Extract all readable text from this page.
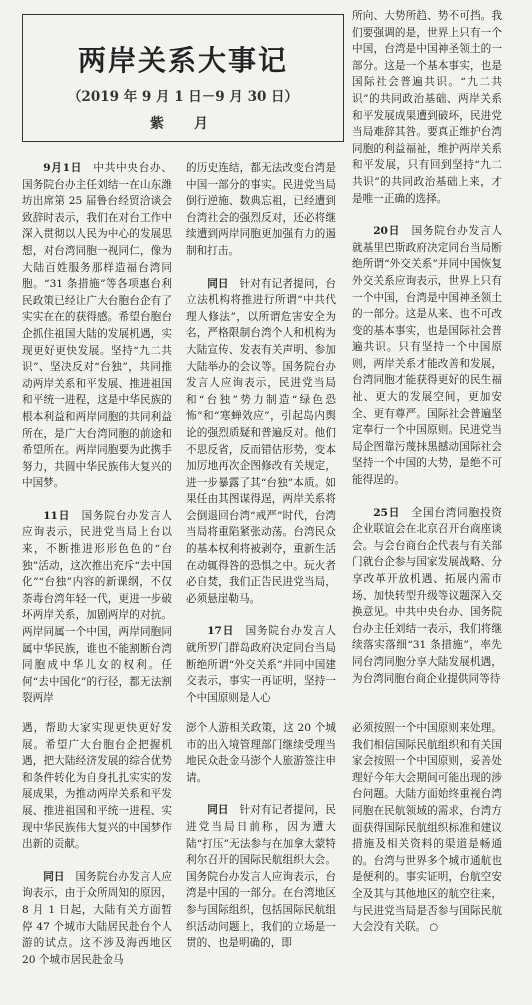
两岸关系大事记
（2019 年 9 月 1 日－9 月 30 日）
紫　月

9月1日　 中共中央台办、国务院台办主任刘结一在山东潍坊出席第 25 届鲁台经贸洽谈会致辞时表示，我们在对台工作中深入贯彻以人民为中心的发展思想，对台湾同胞一视同仁，像为大陆百姓服务那样造福台湾同胞。“31 条措施”等各项惠台利民政策已经让广大台胞台企有了实实在在的获得感。希望台胞台企抓住祖国大陆的发展机遇，实现更好更快发展。坚持“九二共识”、坚决反对“台独”，共同推动两岸关系和平发展、推进祖国和平统一进程，这是中华民族的根本利益和两岸同胞的共同利益所在，是广大台湾同胞的前途和希望所在。两岸同胞要为此携手努力，共圆中华民族伟大复兴的中国梦。

11日　 国务院台办发言人应询表示，民进党当局上台以来，不断推进形形色色的“台独”活动，这次推出充斥“去中国化”“台独”内容的新课纲，不仅荼毒台湾年轻一代，更进一步破坏两岸关系，加剧两岸的对抗。两岸同属一个中国，两岸同胞同属中华民族，谁也不能割断台湾同胞成中华儿女的权利。任何“去中国化”的行径，都无法割裂两岸

的历史连结，都无法改变台湾是中国一部分的事实。民进党当局倒行逆施、数典忘祖，已经遭到台湾社会的强烈反对，还必将继续遭到两岸同胞更加强有力的遏制和打击。

同日　 针对有记者提问，台立法机构将推进行所谓“中共代理人修法”，以所谓危害安全为名，严格限制台湾个人和机构为大陆宣传、发表有关声明、参加大陆举办的会议等。国务院台办发言人应询表示，民进党当局和“台独”势力制造“绿色恐怖”和“寒蝉效应”，引起岛内舆论的强烈质疑和普遍反对。他们不思反省，反而错估形势，变本加厉地再次企图修改有关规定，进一步暴露了其“台独”本质。如果任由其图谋得逞，两岸关系将会倒退回台湾“戒严”时代，台湾当局将重陷紧张动荡。台湾民众的基本权利将被剥夺，重新生活在动辄得咎的恐惧之中。玩火者必自焚，我们正告民进党当局，必须悬崖勒马。

17日　 国务院台办发言人就所罗门群岛政府决定同台当局断绝所谓“外交关系”并同中国建交表示，事实一再证明，坚持一个中国原则是人心

所向、大势所趋、势不可挡。我们要强调的是，世界上只有一个中国，台湾是中国神圣领土的一部分。这是一个基本事实，也是国际社会普遍共识。“九二共识”的共同政治基础、两岸关系和平发展成果遭到破坏，民进党当局难辞其咎。要真正维护台湾同胞的利益福祉，维护两岸关系和平发展，只有回到坚持“九二共识”的共同政治基础上来，才是唯一正确的选择。

20日　 国务院台办发言人就基里巴斯政府决定同台当局断绝所谓“外交关系”并同中国恢复外交关系应询表示，世界上只有一个中国，台湾是中国神圣领土的一部分。这是从来、也不可改变的基本事实，也是国际社会普遍共识。只有坚持一个中国原则，两岸关系才能改善和发展，台湾同胞才能获得更好的民生福祉、更大的发展空间，更加安全、更有尊严。国际社会普遍坚定奉行一个中国原则。民进党当局企图靠污蔑抹黑撼动国际社会坚持一个中国的大势，是绝不可能得逞的。

25日　 全国台湾同胞投资企业联谊会在北京召开台商座谈会。与会台商台企代表与有关部门就台企参与国家发展战略、分享改革开放机遇、拓展内需市场、加快转型升级等议题深入交换意见。中共中央台办、国务院台办主任刘结一表示，我们将继续落实落细“31 条措施”，率先同台湾同胞分享大陆发展机遇，为台湾同胞台商企业提供同等待

遇，帮助大家实现更快更好发展。希望广大台胞台企把握机遇，把大陆经济发展的综合优势和条件转化为自身扎扎实实的发展成果，为推动两岸关系和平发展、推进祖国和平统一进程、实现中华民族伟大复兴的中国梦作出新的贡献。

同日　 国务院台办发言人应询表示，由于众所周知的原因，8 月 1 日起，大陆有关方面暂停 47 个城市大陆居民赴台个人游的试点。这不涉及海西地区 20 个城市居民赴金马

澎个人游相关政策，这 20 个城市的出入境管理部门继续受理当地民众赴金马澎个人旅游签注申请。

同日　 针对有记者提问，民进党当局日前称，因为遭大陆“打压”无法参与在加拿大蒙特利尔召开的国际民航组织大会。国务院台办发言人应询表示，台湾是中国的一部分。在台湾地区参与国际组织，包括国际民航组织活动问题上，我们的立场是一贯的、也是明确的，即

必须按照一个中国原则来处理。我们相信国际民航组织和有关国家会按照一个中国原则，妥善处理好今年大会期间可能出现的涉台问题。大陆方面始终重视台湾同胞在民航领域的需求，台湾方面获得国际民航组织标准和建议措施及相关资料的渠道是畅通的。台湾与世界多个城市通航也是便利的。事实证明，台航空安全及其与其他地区的航空往来，与民进党当局是否参与国际民航大会没有关联。 ○
